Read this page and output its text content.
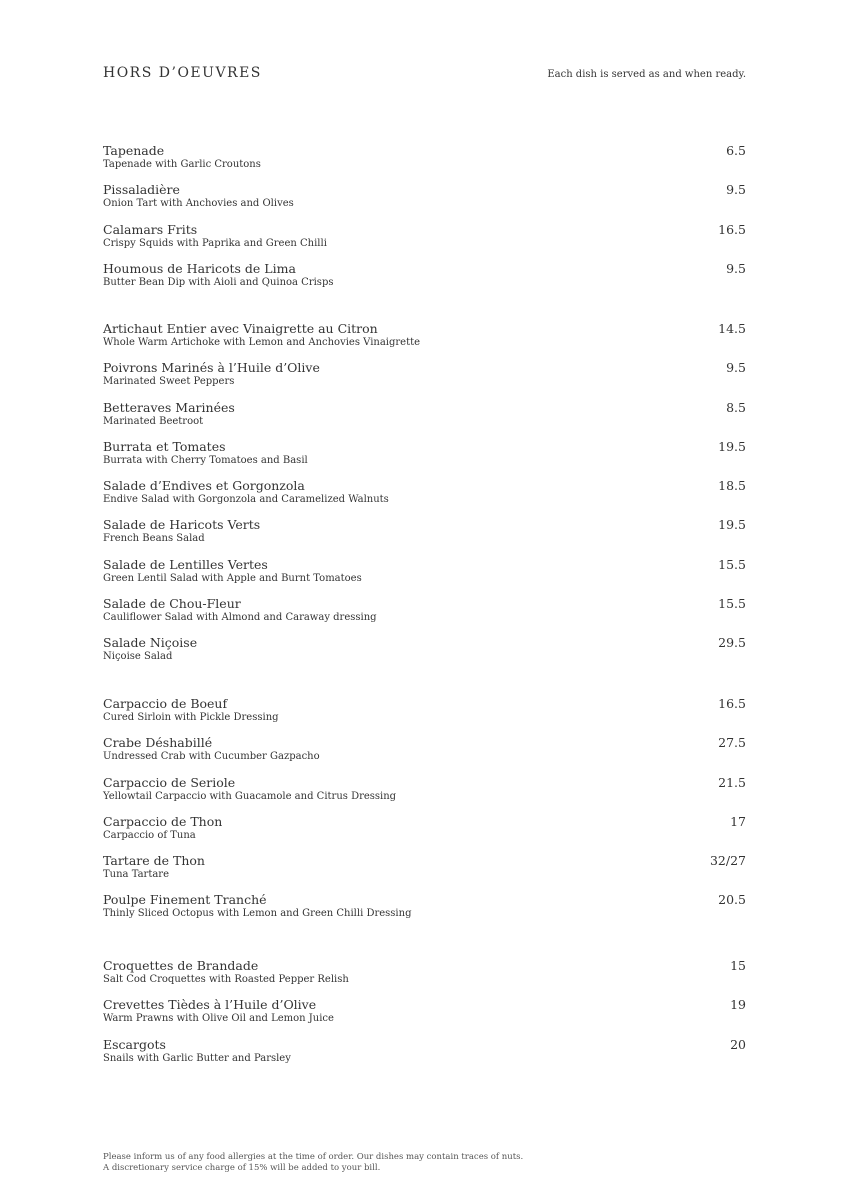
HORS D’OEUVRES	Each dish is served as and when ready.
Tapenade
Tapenade with Garlic Croutons
6.5
Pissaladière
Onion Tart with Anchovies and Olives
9.5
Calamars Frits
Crispy Squids with Paprika and Green Chilli
16.5
Houmous de Haricots de Lima
Butter Bean Dip with Aioli and Quinoa Crisps
9.5
Artichaut Entier avec Vinaigrette au Citron
Whole Warm Artichoke with Lemon and Anchovies Vinaigrette
14.5
Poivrons Marinés à l’Huile d’Olive
Marinated Sweet Peppers
9.5
Betteraves Marinées
Marinated Beetroot
8.5
Burrata et Tomates
Burrata with Cherry Tomatoes and Basil
19.5
Salade d’Endives et Gorgonzola
Endive Salad with Gorgonzola and Caramelized Walnuts
18.5
Salade de Haricots Verts
French Beans Salad
19.5
Salade de Lentilles Vertes
Green Lentil Salad with Apple and Burnt Tomatoes
15.5
Salade de Chou-Fleur
Cauliflower Salad with Almond and Caraway dressing
15.5
Salade Niçoise
Niçoise Salad
29.5
Carpaccio de Boeuf
Cured Sirloin with Pickle Dressing
16.5
Crabe Déshabillé
Undressed Crab with Cucumber Gazpacho
27.5
Carpaccio de Seriole
Yellowtail Carpaccio with Guacamole and Citrus Dressing
21.5
Carpaccio de Thon
Carpaccio of Tuna
17
Tartare de Thon
Tuna Tartare
32/27
Poulpe Finement Tranché
Thinly Sliced Octopus with Lemon and Green Chilli Dressing
20.5
Croquettes de Brandade
Salt Cod Croquettes with Roasted Pepper Relish
15
Crevettes Tièdes à l’Huile d’Olive
Warm Prawns with Olive Oil and Lemon Juice
19
Escargots
Snails with Garlic Butter and Parsley
20
Please inform us of any food allergies at the time of order. Our dishes may contain traces of nuts.
A discretionary service charge of 15% will be added to your bill.
